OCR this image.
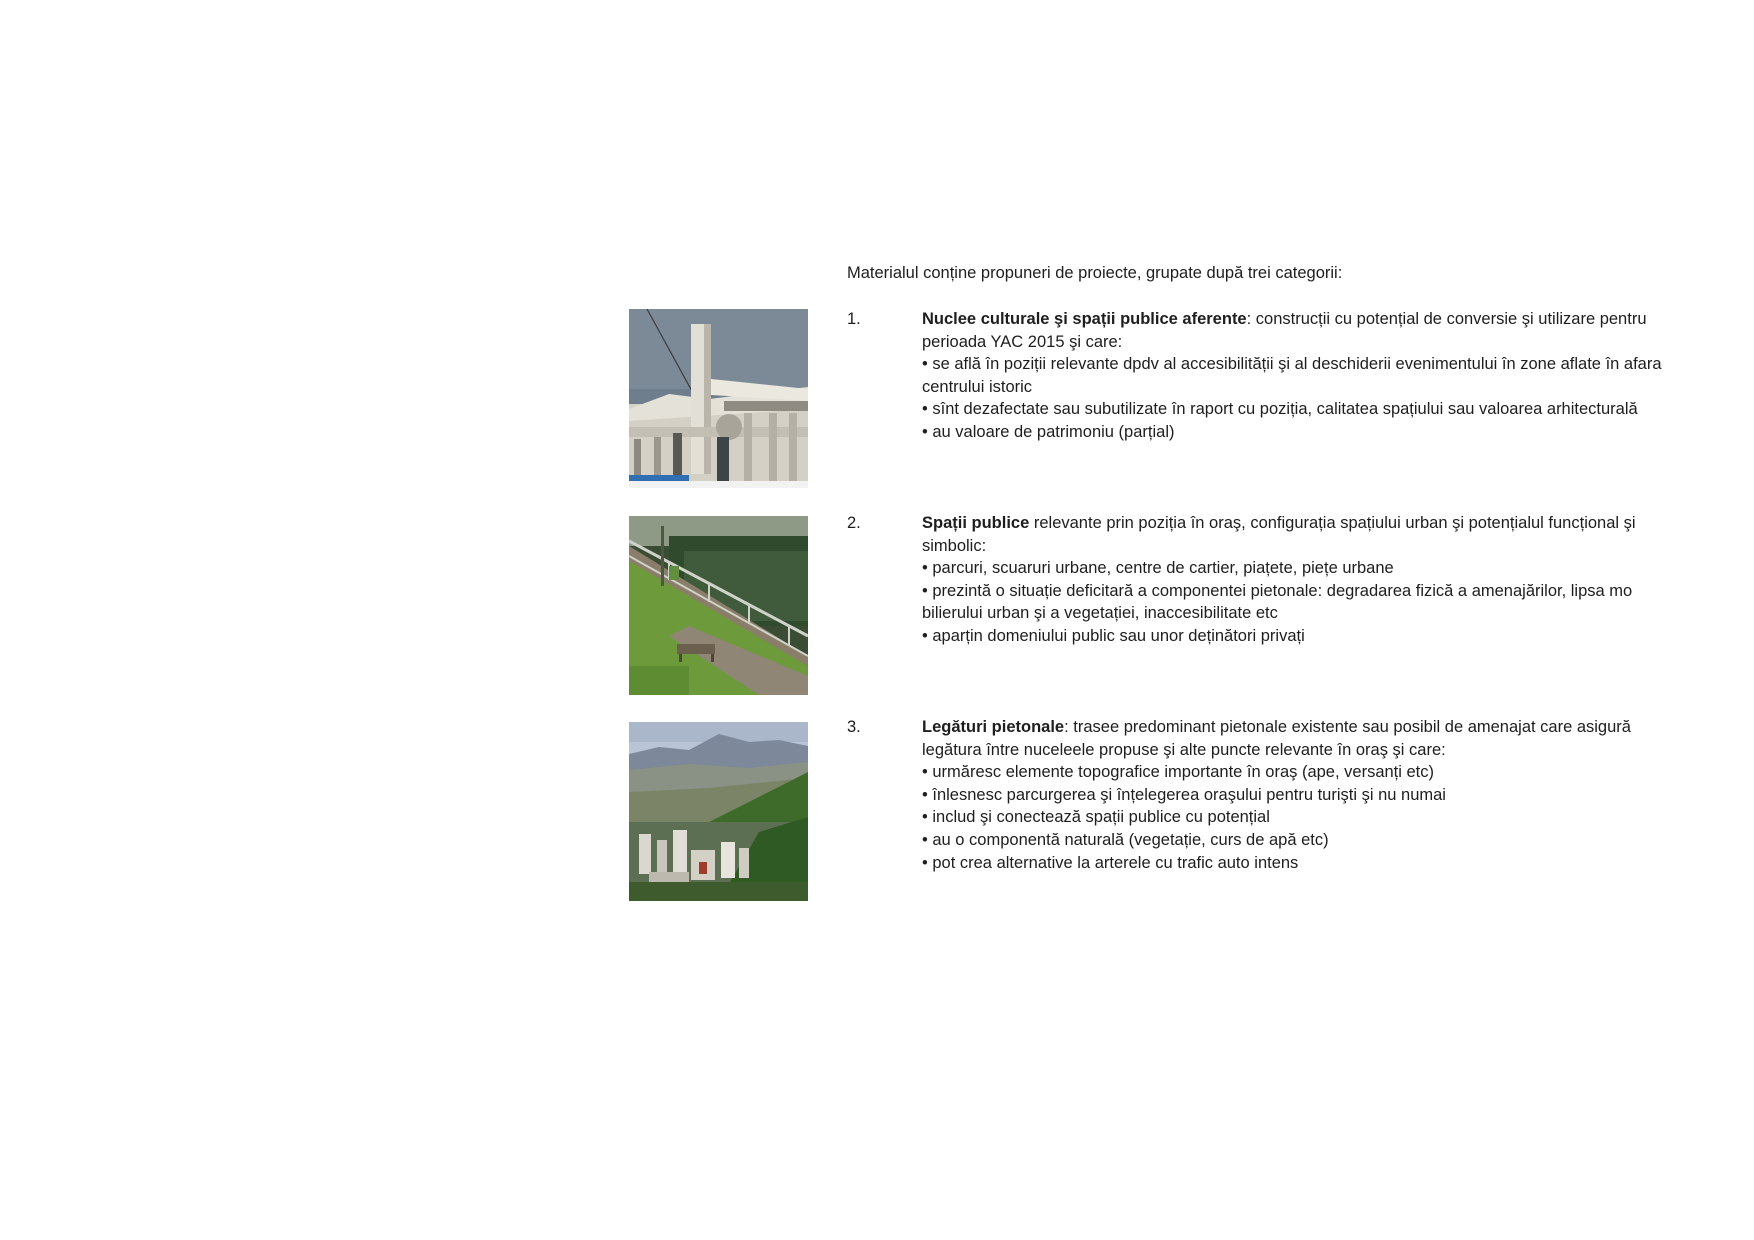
Materialul conține propuneri de proiecte, grupate după trei categorii:
1.	Nuclee culturale şi spații publice aferente: construcții cu potențial de conversie şi utilizare pentru perioada YAC 2015 şi care:

• se află în poziții relevante dpdv al accesibilității şi al deschiderii evenimentului în zone aflate în afara centrului istoric

• sînt dezafectate sau subutilizate în raport cu poziția, calitatea spațiului sau valoarea arhitecturală

• au valoare de patrimoniu (parțial)

2.	Spații publice relevante prin poziția în oraş, configurația spațiului urban şi potențialul funcțional şi simbolic:

• parcuri, scuaruri urbane, centre de cartier, piațete, piețe urbane

• prezintă o situație deficitară a componentei pietonale: degradarea fizică a amenajărilor, lipsa mo bilierului urban şi a vegetației, inaccesibilitate etc

• aparțin domeniului public sau unor deținători privați

3.	Legături pietonale: trasee predominant pietonale existente sau posibil de amenajat care asigură legătura între nuceleele propuse şi alte puncte relevante în oraş şi care:

• urmăresc elemente topografice importante în oraş (ape, versanți etc)

• înlesnesc parcurgerea şi înțelegerea oraşului pentru turişti şi nu numai

• includ şi conectează spații publice cu potențial

• au o componentă naturală (vegetație, curs de apă etc)

• pot crea alternative la arterele cu trafic auto intens
